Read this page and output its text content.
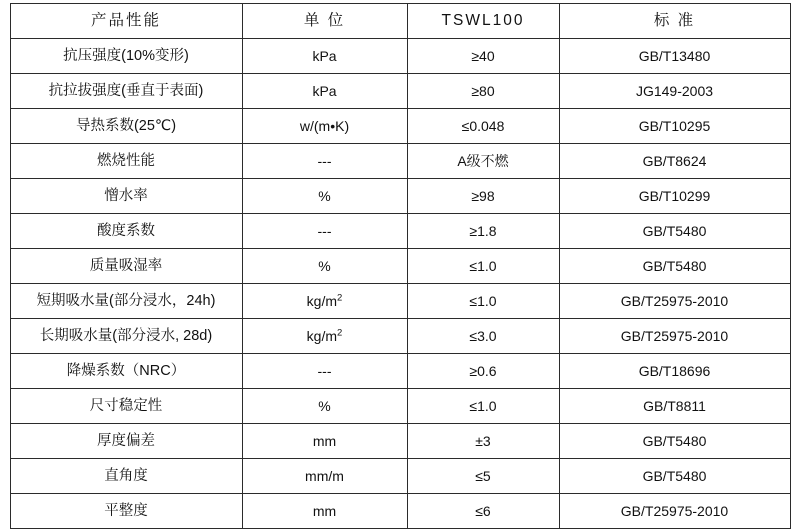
产品性能	单 位	TSWL100	标 准
抗压强度(10%变形)	kPa	≥40	GB/T13480
抗拉拔强度(垂直于表面)	kPa	≥80	JG149-2003
导热系数(25℃)	w/(m•K)	≤0.048	GB/T10295
燃烧性能	---	A级不燃	GB/T8624
憎水率	%	≥98	GB/T10299
酸度系数	---	≥1.8	GB/T5480
质量吸湿率	%	≤1.0	GB/T5480
短期吸水量(部分浸水，24h)	$kg/m^2$	≤1.0	GB/T25975-2010
长期吸水量(部分浸水, 28d)	$kg/m^2$	≤3.0	GB/T25975-2010
降燥系数（NRC）	---	≥0.6	GB/T18696
尺寸稳定性	%	≤1.0	GB/T8811
厚度偏差	mm	±3	GB/T5480
直角度	mm/m	≤5	GB/T5480
平整度	mm	≤6	GB/T25975-2010
